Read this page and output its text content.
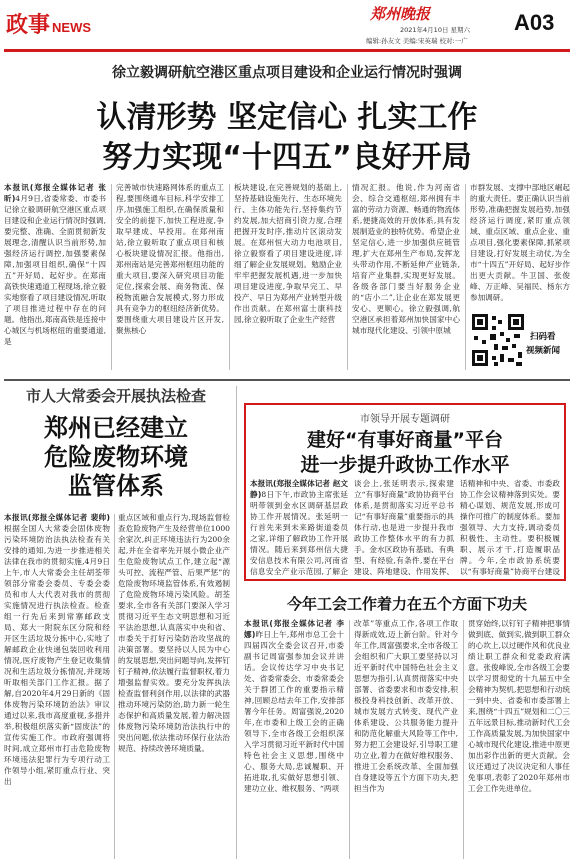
政事 NEWS
郑州晚报
2021年4月10日 星期六
编辑:孙友文 美编:宋英瑞 校对:一广
A03
徐立毅调研航空港区重点项目建设和企业运行情况时强调
认清形势 坚定信心 扎实工作
努力实现“十四五”良好开局
本报讯(郑报全媒体记者 张昕)4月9日,省委常委、市委书记徐立毅调研航空港区重点项目建设和企业运行情况时强调,要完整、准确、全面贯彻新发展理念,清醒认识当前形势,加强经济运行调控,加强要素保障,加强项目组织,确保“十四五”开好局、起好步。在郑南高铁快速通道工程现场,徐立毅实地察看了项目建设情况,听取了项目推进过程中存在的问题。他指出,郑南高铁是连接中心城区与机场枢纽的重要通道,是
完善城市快速路网体系的重点工程,要围绕通车目标,科学安排工序,加强施工组织,在确保质量和安全的前提下,加快工程进度,争取早建成、早投用。在郑州南站,徐立毅听取了重点项目和核心板块建设情况汇报。他指出,郑州南站是完善郑州枢纽功能的重大项目,要深入研究项目功能定位,探索会展、商务物流、保税物流融合发展模式,努力形成具有竞争力的枢纽经济新优势。要围绕重大项目建设片区开发,聚焦核心
板块建设,在完善规划的基础上,坚持基础设施先行、生态环境先行、主体功能先行,坚持集约节约发展,加大招商引资力度,合理把握开发时序,推动片区滚动发展。在郑州恒大动力电池项目,徐立毅察看了项目建设进度,详细了解企业发展规划。勉励企业牢牢把握发展机遇,进一步加快项目建设进度,争取早完工、早投产、早日为郑州产业转型升级作出贡献。在郑州富士康科技园,徐立毅听取了企业生产经营
情况汇报。他说,作为河南省会、综合交通枢纽,郑州拥有丰富的劳动力资源、畅通的物流体系,便捷高效的开放体系,具有发展制造业的独特优势。希望企业坚定信心,进一步加强供应链管理,扩大在郑州生产布局,发挥龙头带动作用,不断延伸产业链条,培育产业集群,实现更好发展。各级各部门要当好服务企业的“店小二”,让企业在郑发展更安心、更顺心。徐立毅强调,航空港区承担着郑州加快国家中心城市现代化建设、引领中原城
市群发展、支撑中部地区崛起的重大责任。要正确认识当前形势,准确把握发展趋势,加强经济运行调度,紧盯重点领域、重点区域、重点企业、重点项目,强化要素保障,抓紧项目建设,打好发展主动仗,为全市“十四五”开好局、起好步作出更大贡献。牛卫国、张俊峰、万正峰、吴福民、杨东方参加调研。
扫码看
视频新闻
市人大常委会开展执法检查
郑州已经建立
危险废物环境
监管体系
本报讯(郑报全媒体记者 裴帅)根据全国人大常委会固体废物污染环境防治法执法检查有关安排的通知,为进一步推进相关法律在我市的贯彻实施,4月9日上午,市人大常委会主任胡荃带领部分常委会委员、专委会委员和市人大代表对我市的贯彻实施情况进行执法检查。检查组一行先后来到常寨邮政支局、郑大一附院东区分院和经开区生活垃圾分拣中心,实地了解邮政企业快递包装回收利用情况,医疗废物产生登记收集情况和生活垃圾分拣情况,并现场听取相关部门工作汇报。据了解,自2020年4月29日新的《固体废物污染环境防治法》审议通过以来,我市高度重视,多措并举,积极组织落实新“固废法”的宣传实施工作。市政府强调将时间,成立郑州市打击危险废物环境违法犯罪行为专项行动工作领导小组,紧盯重点行业、突出
重点区域和重点行为,现场监督检查危险废物产生及经营单位1000余家次,纠正环境违法行为200余起,并在全省率先开展小微企业产生危险废物试点工作,建立起“源头可控、流程严管、后果严惩”的危险废物环境监管体系,有效遏制了危险废物环境污染风险。胡荃要求,全市各有关部门要深入学习贯彻习近平生态文明思想和习近平法治思想,认真落实中央和省、市委关于打好污染防治攻坚战的决策部署。要坚持以人民为中心的发展思想,突出问题导向,发挥钉钉子精神,依法履行监督职权,着力增强监督实效。要充分发挥执法检查监督利剑作用,以法律的武器推动环境污染防治,助力新一轮生态保护和高质量发展,着力解决固体废物污染环境防治法执行中的突出问题,依法推动环保行业法治规范、持续改善环境质量。
市领导开展专题调研
建好“有事好商量”平台
进一步提升政协工作水平
本报讯(郑报全媒体记者 赵文静)8日下午,市政协主席张延明带领到金水区调研基层政协工作开展情况。张延明一行首先来到未来路街道委员之家,详细了解政协工作开展情况。随后来到郑州信大捷安信息技术有限公司,河南省信息安全产业示范园,了解企
谈会上,张延明表示,探索建立“有事好商量”政协协商平台体系,是贯彻落实习近平总书记“有事好商量”重要指示的具体行动,也是进一步提升我市政协工作整体水平的有力抓手。金水区政协有基础、有典型、有经验,有条件,要在平台建设、阵地建设、作用发挥、
话精神和中央、省委、市委政协工作会议精神落到实处。要精心谋划、规范发展,形成可操作可推广的制度体系。要加强领导、大力支持,调动委员积极性、主动性。要积极履职、展示才干,打造履职品牌。今年,全市政协系统要以“有事好商量”协商平台建设
今年工会工作着力在五个方面下功夫
本报讯(郑报全媒体记者 李娜)昨日上午,郑州市总工会十四届四次全委会议召开,市委副书记周富强参加会议并讲话。会议传达学习中央书记处、省委常委会、市委常委会关于群团工作的重要指示精神,回顾总结去年工作,安排部署今年任务。周富强说,2020年,在市委和上级工会的正确领导下,全市各级工会组织深入学习贯彻习近平新时代中国特色社会主义思想,围绕中心、服务大局,忠诚履职、开拓进取,扎实做好思想引领、建功立业、维权服务、“两项
改革”等重点工作,各项工作取得新成效,迈上新台阶。针对今年工作,周富强要求,全市各级工会组织和广大职工要坚持以习近平新时代中国特色社会主义思想为指引,认真贯彻落实中央部署、省委要求和市委安排,积极投身科技创新、改革开放、城市发展方式转变、现代产业体系建设、公共服务能力提升和防范化解重大风险等工作中,努力把工会建设好,引导职工建功立业,着力在做好维权服务、推进工会系统改革、全面加强自身建设等五个方面下功夫,把担当作为
贯穿始终,以钉钉子精神把事情做到底、做到实,做到职工群众的心坎上,以过硬作风和优良业绩让职工群众和党委政府满意。张俊峰说,全市各级工会要以学习贯彻党的十九届五中全会精神为契机,把思想和行动统一到中央、省委和市委部署上来,围绕“十四五”规划和二〇三五年远景目标,推动新时代工会工作高质量发展,为加快国家中心城市现代化建设,推进中原更加出彩作出新的更大贡献。会议还通过了决议决定和人事任免事项,表彰了2020年郑州市工会工作先进单位。
